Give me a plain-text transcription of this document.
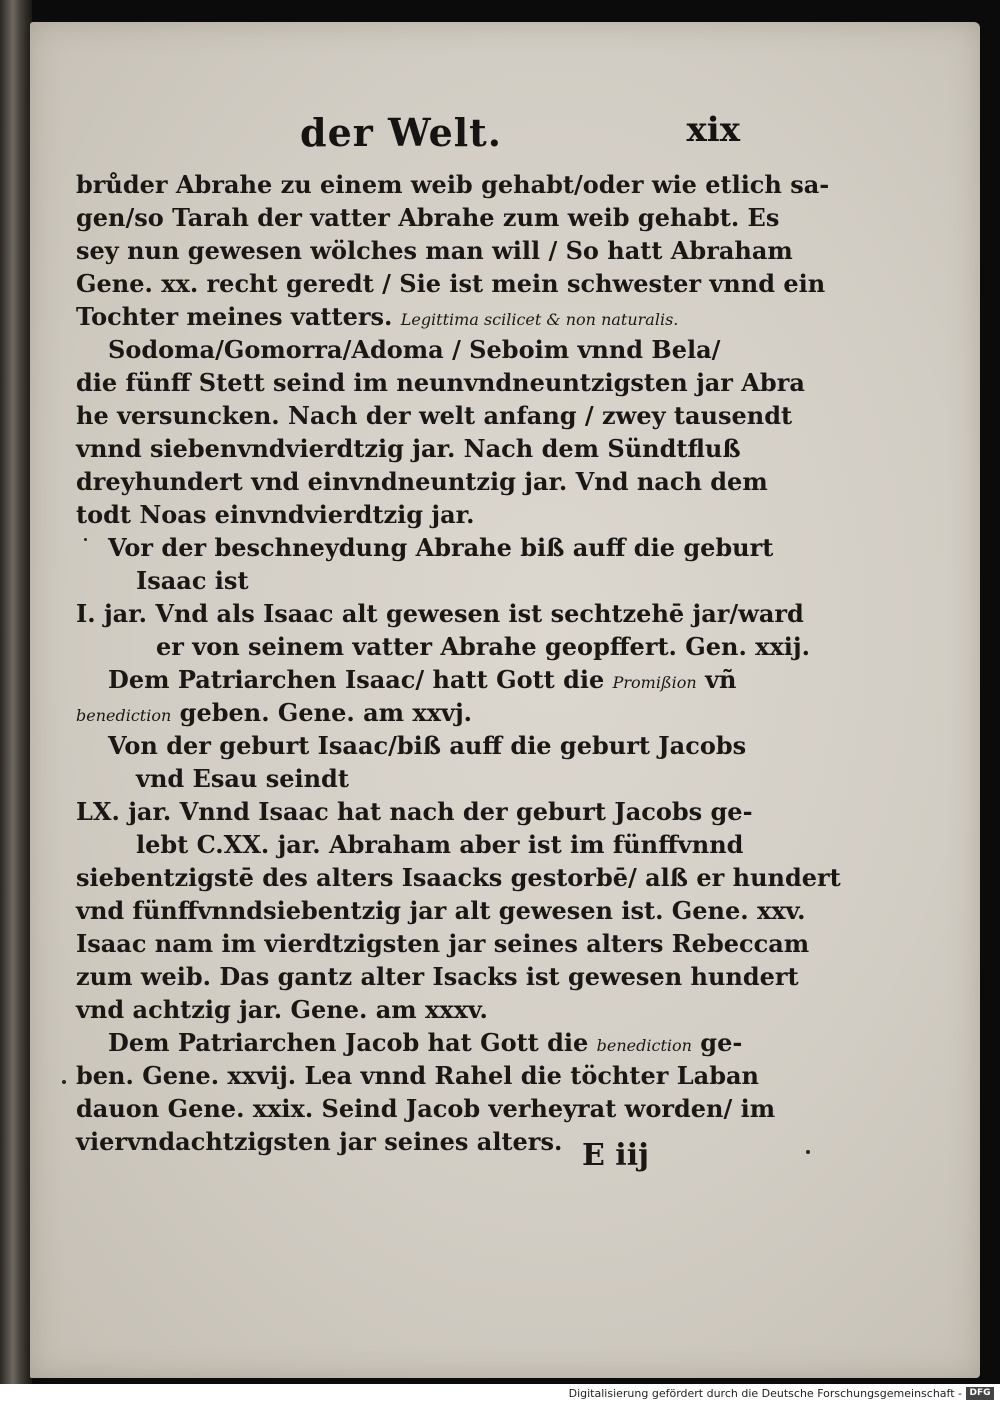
der Welt.	xix
brůder Abrahe zu einem weib gehabt/oder wie etlich sa-
gen/so Tarah der vatter Abrahe zum weib gehabt. Es
sey nun gewesen wölches man will / So hatt Abraham
Gene. xx. recht geredt / Sie ist mein schwester vnnd ein
Tochter meines vatters. Legittima scilicet & non naturalis.
Sodoma/Gomorra/Adoma / Seboim vnnd Bela/
die fünff Stett seind im neunvndneuntzigsten jar Abra
he versuncken. Nach der welt anfang / zwey tausendt
vnnd siebenvndvierdtzig jar. Nach dem Sündtfluß
dreyhundert vnd einvndneuntzig jar. Vnd nach dem
todt Noas einvndvierdtzig jar.
Vor der beschneydung Abrahe biß auff die geburt
Isaac ist
I. jar. Vnd als Isaac alt gewesen ist sechtzehē jar/ward
er von seinem vatter Abrahe geopffert. Gen. xxij.
Dem Patriarchen Isaac/ hatt Gott die Promißion vñ
benediction geben. Gene. am xxvj.
Von der geburt Isaac/biß auff die geburt Jacobs
vnd Esau seindt
LX. jar. Vnnd Isaac hat nach der geburt Jacobs ge-
lebt C.XX. jar. Abraham aber ist im fünffvnnd
siebentzigstē des alters Isaacks gestorbē/ alß er hundert
vnd fünffvnndsiebentzig jar alt gewesen ist. Gene. xxv.
Isaac nam im vierdtzigsten jar seines alters Rebeccam
zum weib. Das gantz alter Isacks ist gewesen hundert
vnd achtzig jar. Gene. am xxxv.
Dem Patriarchen Jacob hat Gott die benediction ge-
ben. Gene. xxvij. Lea vnnd Rahel die töchter Laban
dauon Gene. xxix. Seind Jacob verheyrat worden/ im
viervndachtzigsten jar seines alters. E iij
Digitalisierung gefördert durch die Deutsche Forschungsgemeinschaft - DFG
